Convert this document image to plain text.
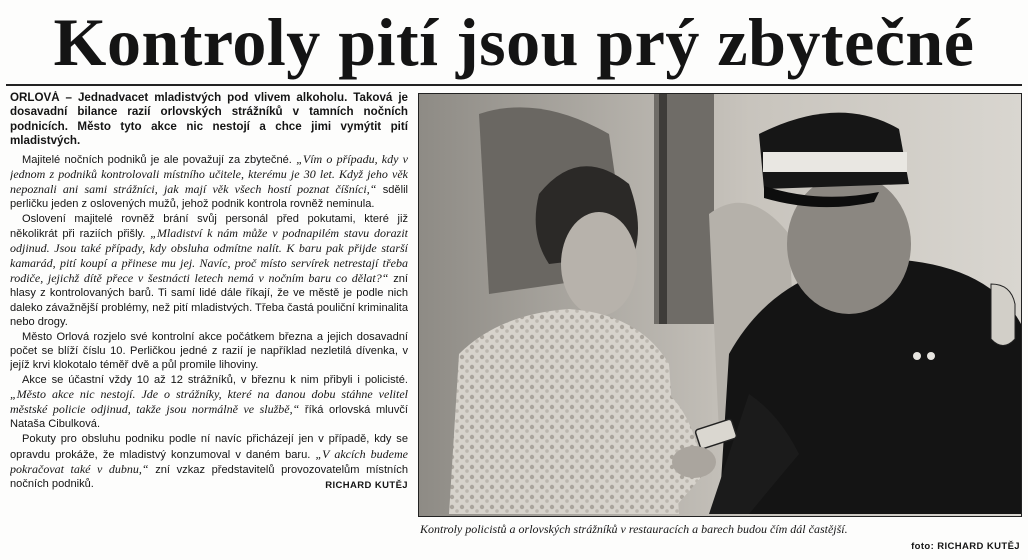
Kontroly pití jsou prý zbytečné

ORLOVÁ – Jednadvacet mladistvých pod vlivem alkoholu. Taková je dosavadní bilance razií orlovských strážníků v tamních nočních podnicích. Město tyto akce nic nestojí a chce jimi vymýtit pití mladistvých.

Majitelé nočních podniků je ale považují za zbytečné. „Vím o případu, kdy v jednom z podniků kontrolovali místního učitele, kterému je 30 let. Když jeho věk nepoznali ani sami strážníci, jak mají věk všech hostí poznat číšníci,“ sdělil perličku jeden z oslovených mužů, jehož podnik kontrola rovněž neminula.

Oslovení majitelé rovněž brání svůj personál před pokutami, které již několikrát při raziích přišly. „Mladiství k nám může v podnapilém stavu dorazit odjinud. Jsou také případy, kdy obsluha odmítne nalít. K baru pak přijde starší kamarád, pití koupí a přinese mu jej. Navíc, proč místo servírek netrestají třeba rodiče, jejichž dítě přece v šestnácti letech nemá v nočním baru co dělat?“ zní hlasy z kontrolovaných barů. Ti samí lidé dále říkají, že ve městě je podle nich daleko závažnější problémy, než pití mladistvých. Třeba častá pouliční kriminalita nebo drogy.

Město Orlová rozjelo své kontrolní akce počátkem března a jejich dosavadní počet se blíží číslu 10. Perličkou jedné z razií je například nezletilá dívenka, v jejíž krvi klokotalo téměř dvě a půl promile lihoviny.

Akce se účastní vždy 10 až 12 strážníků, v březnu k nim přibyli i policisté. „Město akce nic nestojí. Jde o strážníky, které na danou dobu stáhne velitel městské policie odjinud, takže jsou normálně ve službě,“ říká orlovská mluvčí Nataša Cibulková.

Pokuty pro obsluhu podniku podle ní navíc přicházejí jen v případě, kdy se opravdu prokáže, že mladistvý konzumoval v daném baru. „V akcích budeme pokračovat také v dubnu,“ zní vzkaz představitelů provozovatelům místních nočních podniků.	RICHARD KUTĚJ

Kontroly policistů a orlovských strážníků v restauracích a barech budou čím dál častější.
foto: RICHARD KUTĚJ
